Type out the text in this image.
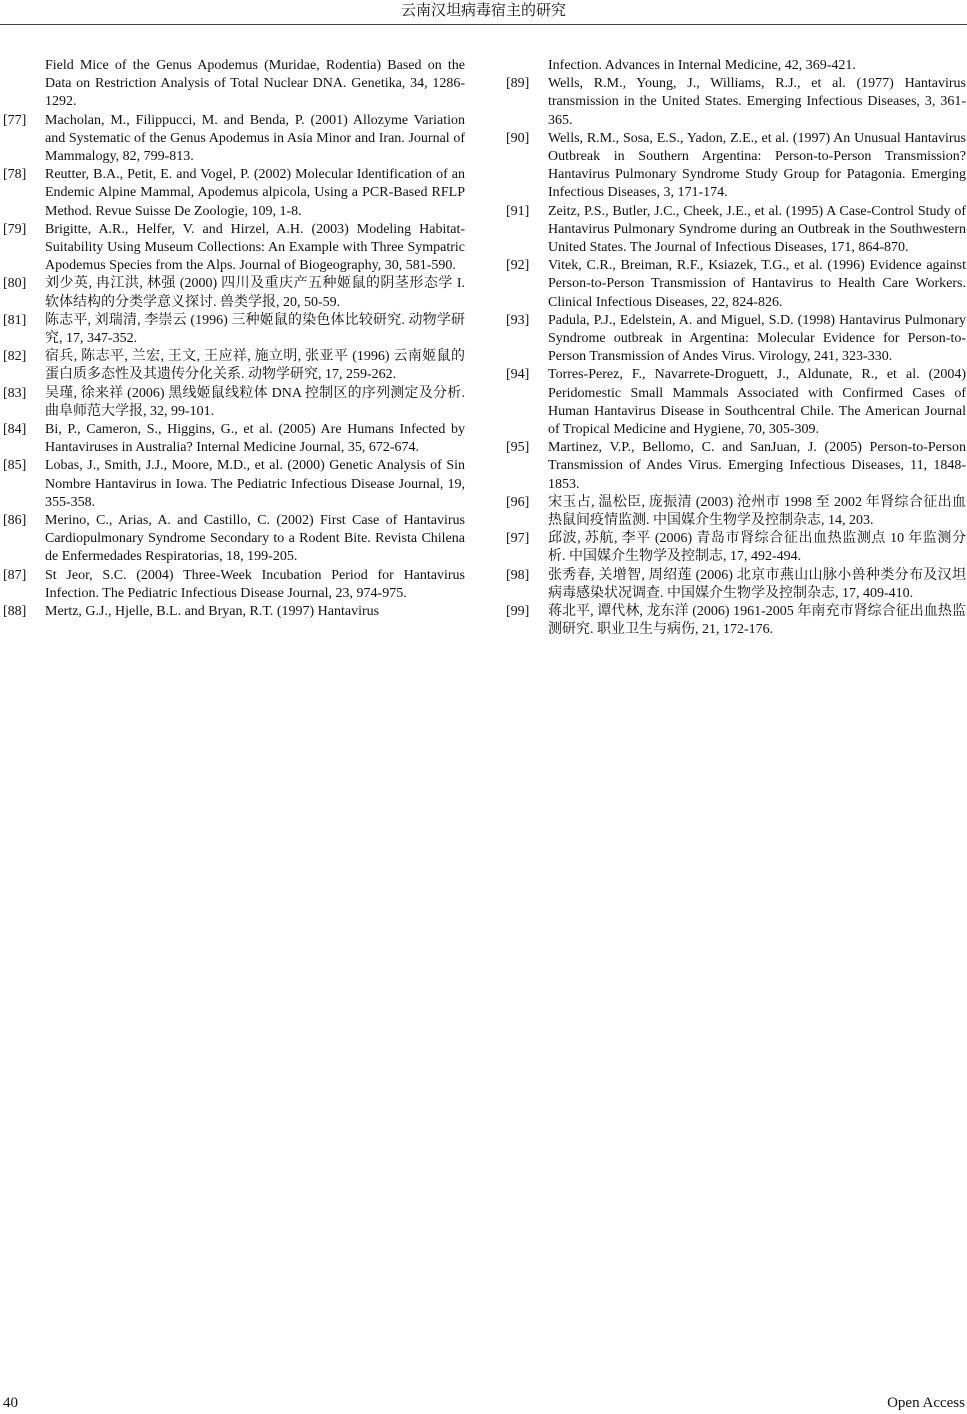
云南汉坦病毒宿主的研究
Field Mice of the Genus Apodemus (Muridae, Rodentia) Based on the Data on Restriction Analysis of Total Nuclear DNA. Genetika, 34, 1286-1292.
[77] Macholan, M., Filippucci, M. and Benda, P. (2001) Allozyme Variation and Systematic of the Genus Apodemus in Asia Minor and Iran. Journal of Mammalogy, 82, 799-813.
[78] Reutter, B.A., Petit, E. and Vogel, P. (2002) Molecular Identification of an Endemic Alpine Mammal, Apodemus alpicola, Using a PCR-Based RFLP Method. Revue Suisse De Zoologie, 109, 1-8.
[79] Brigitte, A.R., Helfer, V. and Hirzel, A.H. (2003) Modeling Habitat-Suitability Using Museum Collections: An Example with Three Sympatric Apodemus Species from the Alps. Journal of Biogeography, 30, 581-590.
[80] 刘少英, 冉江洪, 林强 (2000) 四川及重庆产五种姬鼠的阴茎形态学 I. 软体结构的分类学意义探讨. 兽类学报, 20, 50-59.
[81] 陈志平, 刘瑞清, 李崇云 (1996) 三种姬鼠的染色体比较研究. 动物学研究, 17, 347-352.
[82] 宿兵, 陈志平, 兰宏, 王文, 王应祥, 施立明, 张亚平 (1996) 云南姬鼠的蛋白质多态性及其遗传分化关系. 动物学研究, 17, 259-262.
[83] 吴瑾, 徐来祥 (2006) 黑线姬鼠线粒体 DNA 控制区的序列测定及分析. 曲阜师范大学报, 32, 99-101.
[84] Bi, P., Cameron, S., Higgins, G., et al. (2005) Are Humans Infected by Hantaviruses in Australia? Internal Medicine Journal, 35, 672-674.
[85] Lobas, J., Smith, J.J., Moore, M.D., et al. (2000) Genetic Analysis of Sin Nombre Hantavirus in Iowa. The Pediatric Infectious Disease Journal, 19, 355-358.
[86] Merino, C., Arias, A. and Castillo, C. (2002) First Case of Hantavirus Cardiopulmonary Syndrome Secondary to a Rodent Bite. Revista Chilena de Enfermedades Respiratorias, 18, 199-205.
[87] St Jeor, S.C. (2004) Three-Week Incubation Period for Hantavirus Infection. The Pediatric Infectious Disease Journal, 23, 974-975.
[88] Mertz, G.J., Hjelle, B.L. and Bryan, R.T. (1997) Hantavirus
Infection. Advances in Internal Medicine, 42, 369-421.
[89] Wells, R.M., Young, J., Williams, R.J., et al. (1977) Hantavirus transmission in the United States. Emerging Infectious Diseases, 3, 361-365.
[90] Wells, R.M., Sosa, E.S., Yadon, Z.E., et al. (1997) An Unusual Hantavirus Outbreak in Southern Argentina: Person-to-Person Transmission? Hantavirus Pulmonary Syndrome Study Group for Patagonia. Emerging Infectious Diseases, 3, 171-174.
[91] Zeitz, P.S., Butler, J.C., Cheek, J.E., et al. (1995) A Case-Control Study of Hantavirus Pulmonary Syndrome during an Outbreak in the Southwestern United States. The Journal of Infectious Diseases, 171, 864-870.
[92] Vitek, C.R., Breiman, R.F., Ksiazek, T.G., et al. (1996) Evidence against Person-to-Person Transmission of Hantavirus to Health Care Workers. Clinical Infectious Diseases, 22, 824-826.
[93] Padula, P.J., Edelstein, A. and Miguel, S.D. (1998) Hantavirus Pulmonary Syndrome outbreak in Argentina: Molecular Evidence for Person-to-Person Transmission of Andes Virus. Virology, 241, 323-330.
[94] Torres-Perez, F., Navarrete-Droguett, J., Aldunate, R., et al. (2004) Peridomestic Small Mammals Associated with Confirmed Cases of Human Hantavirus Disease in Southcentral Chile. The American Journal of Tropical Medicine and Hygiene, 70, 305-309.
[95] Martinez, V.P., Bellomo, C. and SanJuan, J. (2005) Person-to-Person Transmission of Andes Virus. Emerging Infectious Diseases, 11, 1848-1853.
[96] 宋玉占, 温松臣, 庞振清 (2003) 沧州市 1998 至 2002 年肾综合征出血热鼠间疫情监测. 中国媒介生物学及控制杂志, 14, 203.
[97] 邱波, 苏航, 李平 (2006) 青岛市肾综合征出血热监测点 10 年监测分析. 中国媒介生物学及控制志, 17, 492-494.
[98] 张秀春, 关增智, 周绍莲 (2006) 北京市燕山山脉小兽种类分布及汉坦病毒感染状况调查. 中国媒介生物学及控制杂志, 17, 409-410.
[99] 蒋北平, 谭代林, 龙东洋 (2006) 1961-2005 年南充市肾综合征出血热监测研究. 职业卫生与病伤, 21, 172-176.
40	Open Access
